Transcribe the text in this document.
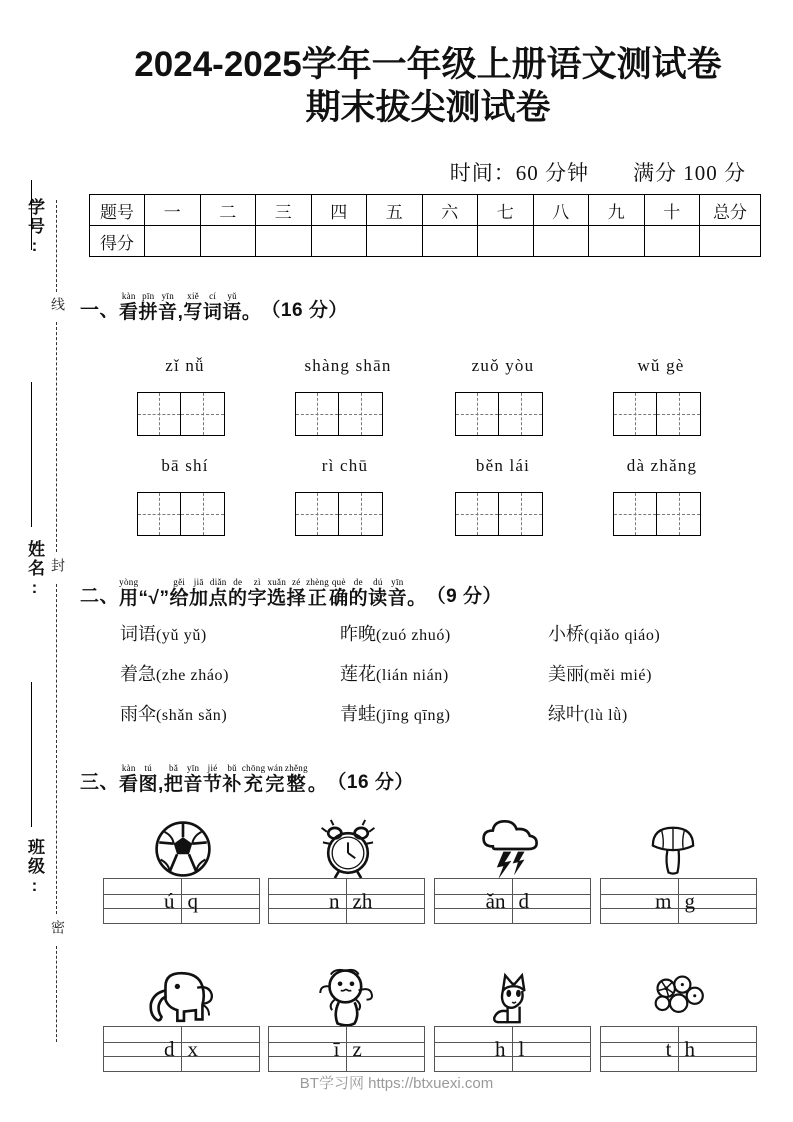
学号:
姓名:
班级:
线
封
密
2024-2025学年一年级上册语文测试卷
期末拔尖测试卷
时间：60 分钟　　满分 100 分
题号	一	二	三	四	五	六	七	八	九	十	总分
得分											
一、
kàn
看
pīn
拼
yīn
音 ,
xiě
写
cí
词
yǔ
语 。 （16 分）
zǐ nǚ	shàng shān	zuǒ yòu	wǔ gè
bā shí	rì chū	běn lái	dà zhǎng
二、
yòng
用 “√”
gěi
给
jiā
加
diǎn
点
de
的
zì
字
xuǎn
选
zé
择
zhèng
正
què
确
de
的
dú
读
yīn
音 。 （9 分）
词语(yǔ yǔ)	昨晚(zuó zhuó)	小桥(qiǎo qiáo)
着急(zhe zháo)	莲花(lián nián)	美丽(měi mié)
雨伞(shǎn sǎn)	青蛙(jīng qīng)	绿叶(lù lǜ)
三、
kàn
看
tú
图 ,
bǎ
把
yīn
音
jié
节
bǔ
补
chōng
充
wán
完
zhěng
整 。 （16 分）
ú q	n zh	ǎn d	m g
d x	ī z	h l	t h
BT学习网 https://btxuexi.com
